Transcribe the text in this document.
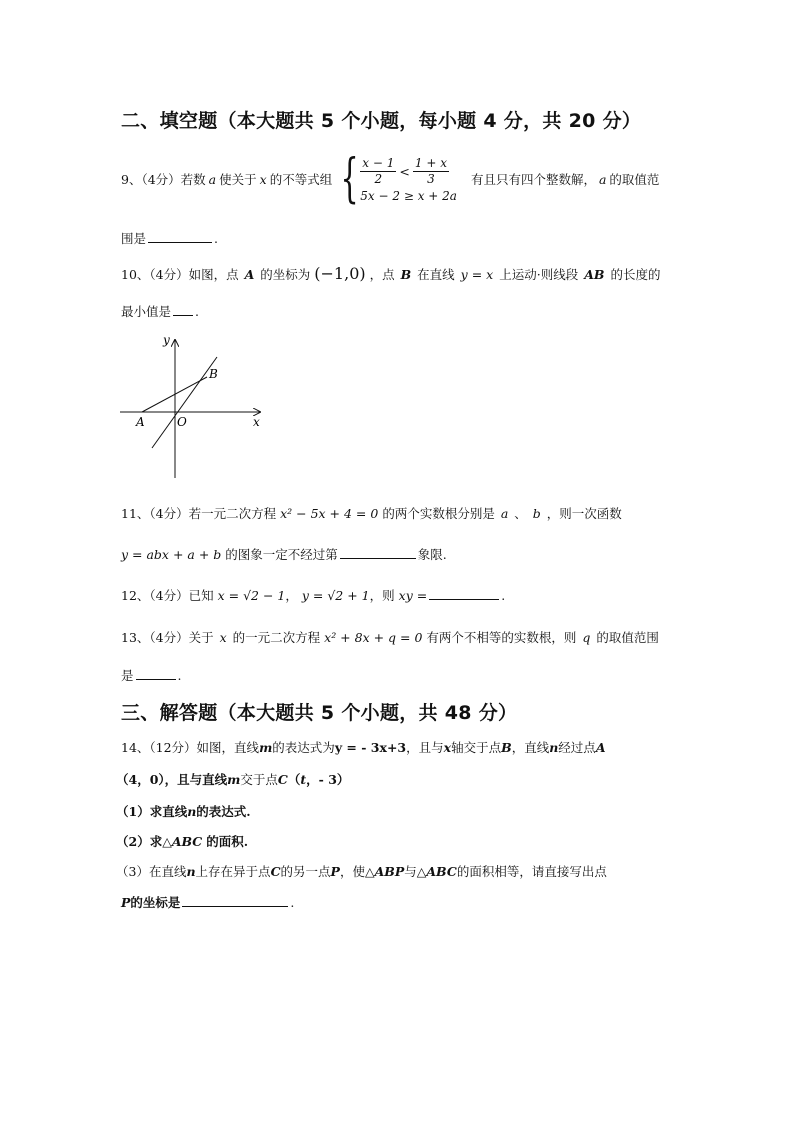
二、填空题（本大题共 5 个小题，每小题 4 分，共 20 分）
9、（4分）若数 a 使关于 x 的不等式组 { $\frac{x - 1}{2} < \frac{1 + x}{3}$
5x − 2 ≥ x + 2a
有且只有四个整数解， a 的取值范
围是	.
10、（4分）如图，点 A 的坐标为 (−1,0) ，点 B 在直线 y = x 上运动·则线段 AB 的长度的
最小值是 .
y
x
A	O
B
11、（4分）若一元二次方程 x² − 5x + 4 = 0 的两个实数根分别是 a 、 b ，则一次函数
y = abx + a + b 的图象一定不经过第	象限.
12、（4分）已知 x = √2 − 1， y = √2 + 1，则 xy =	.
13、（4分）关于 x 的一元二次方程 x² + 8x + q = 0 有两个不相等的实数根，则 q 的取值范围
是	.
三、解答题（本大题共 5 个小题，共 48 分）
14、（12分）如图，直线m的表达式为y = - 3x+3，且与x轴交于点B，直线n经过点A
（4，0），且与直线m交于点C（t，- 3）
（1）求直线n的表达式.
（2）求△ABC 的面积.
（3）在直线n上存在异于点C的另一点P，使△ABP与△ABC的面积相等，请直接写出点
P的坐标是	.
